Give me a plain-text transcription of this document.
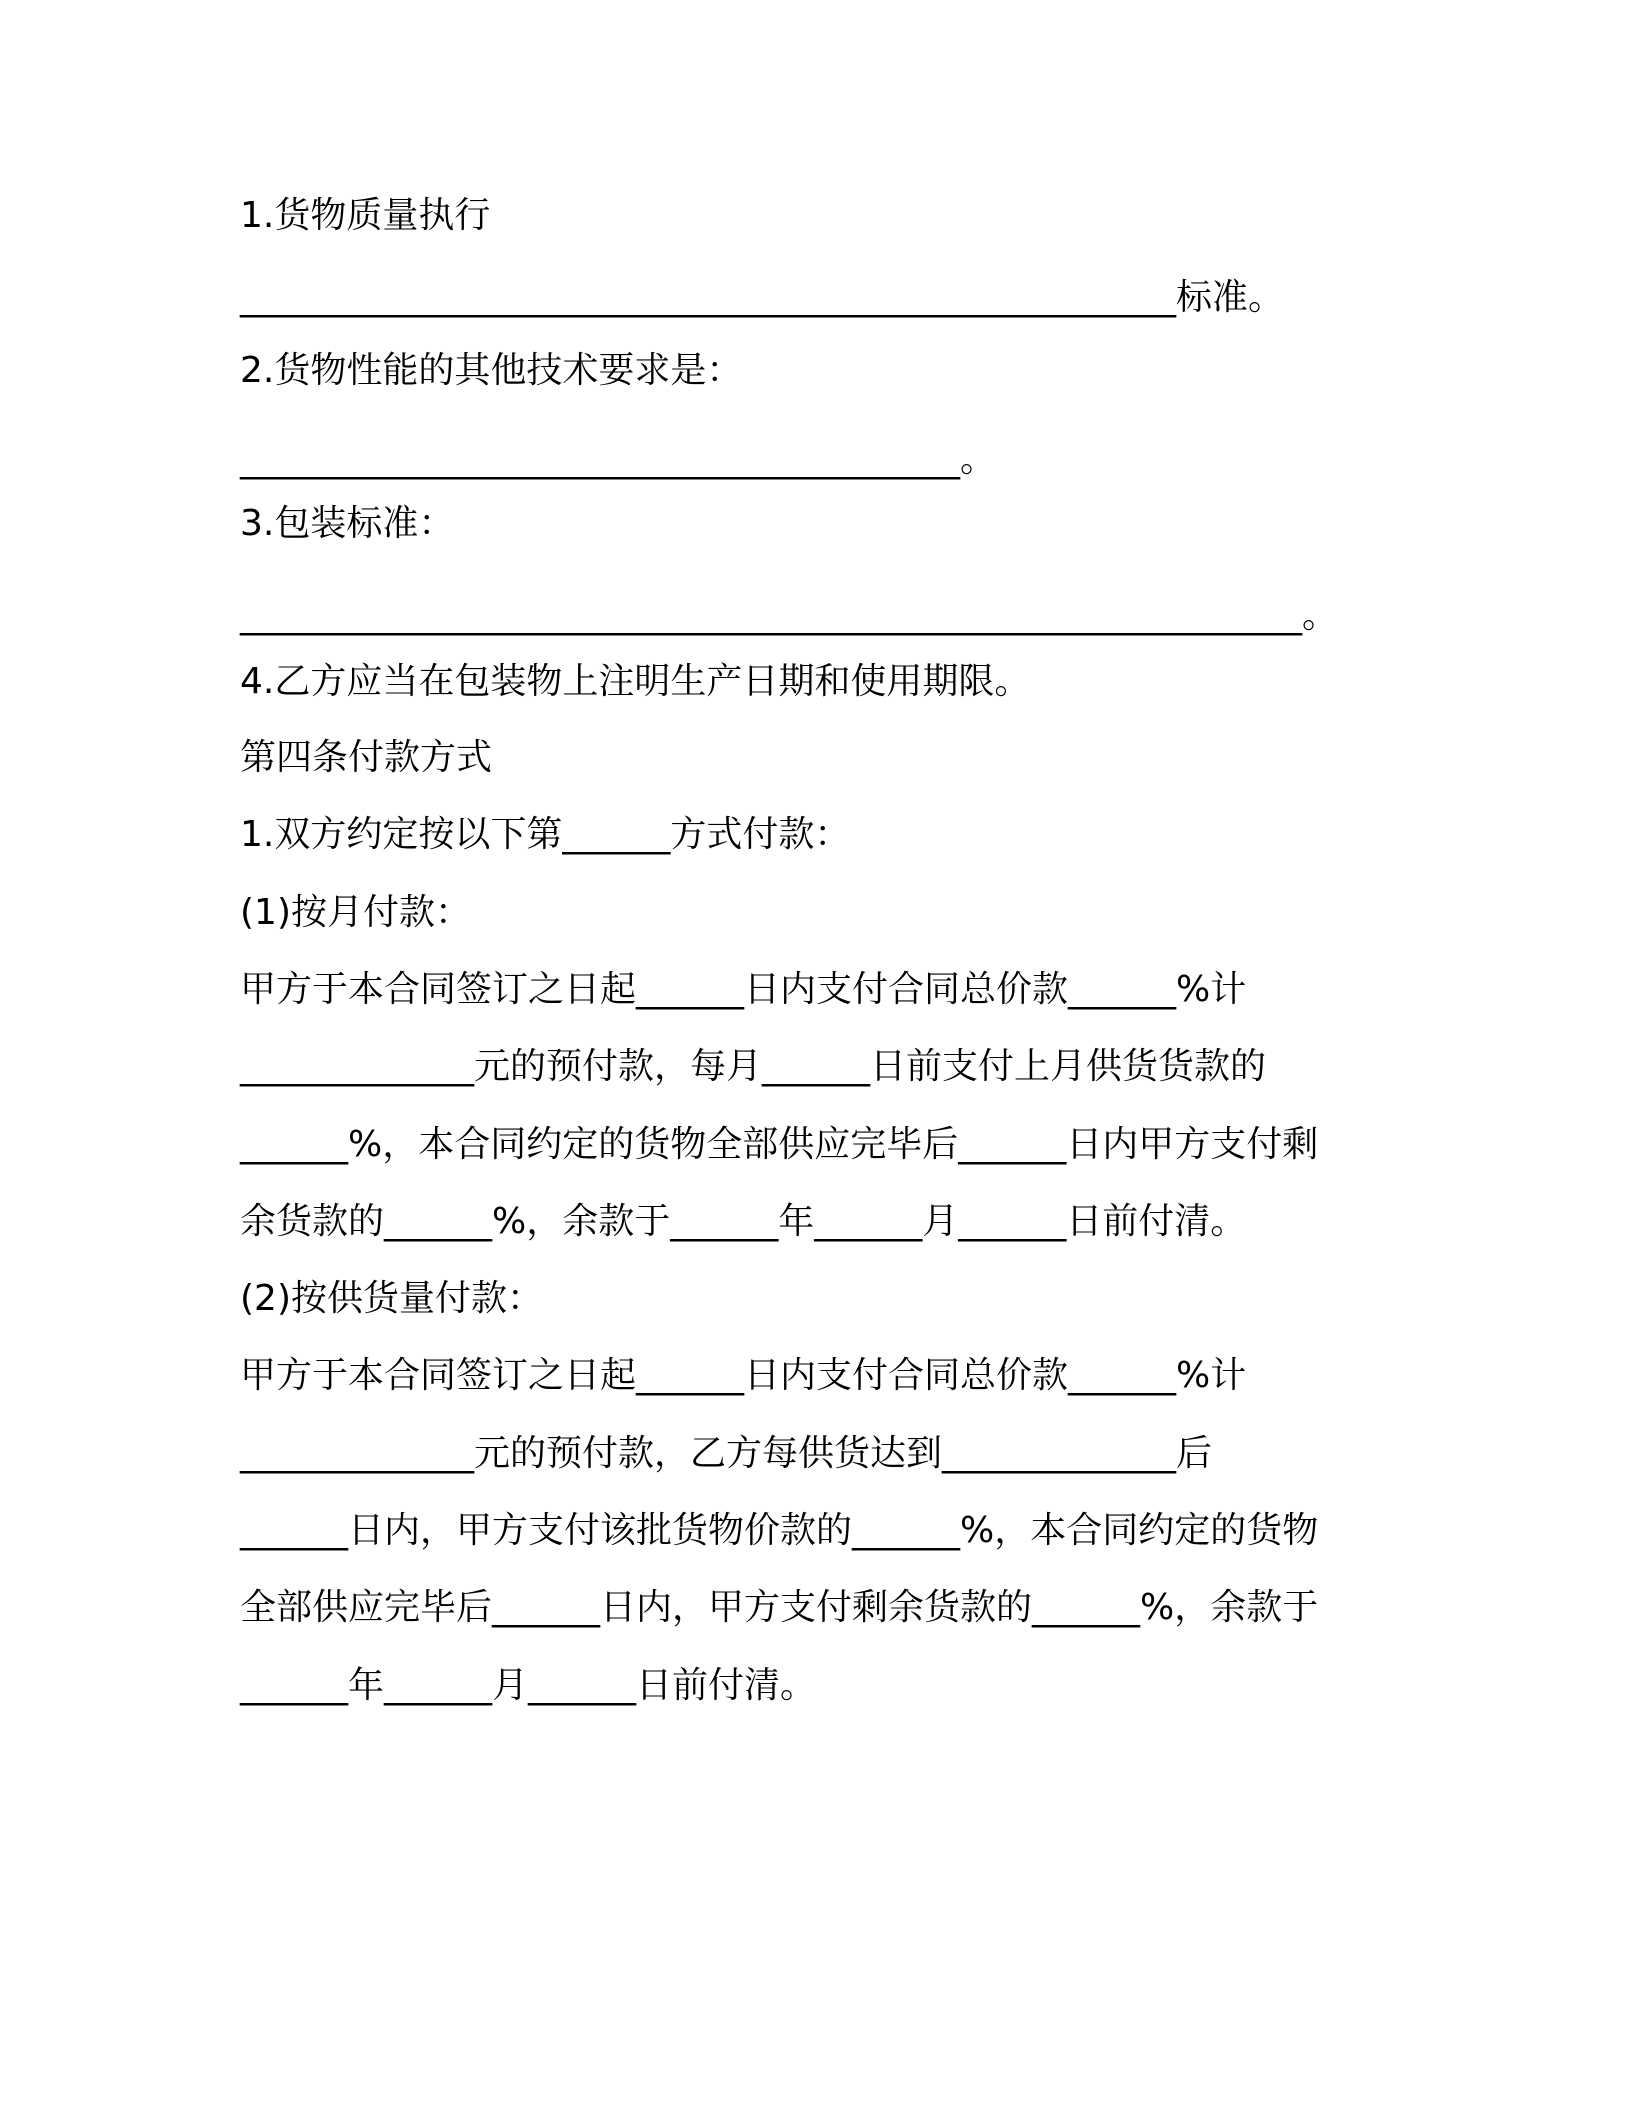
1.货物质量执行
____________________________________________________标准。
2.货物性能的其他技术要求是：
________________________________________。
3.包装标准：
___________________________________________________________。
4.乙方应当在包装物上注明生产日期和使用期限。
第四条付款方式
1.双方约定按以下第______方式付款：
(1)按月付款：
甲方于本合同签订之日起______日内支付合同总价款______%计
_____________元的预付款，每月______日前支付上月供货货款的
______%，本合同约定的货物全部供应完毕后______日内甲方支付剩
余货款的______%，余款于______年______月______日前付清。
(2)按供货量付款：
甲方于本合同签订之日起______日内支付合同总价款______%计
_____________元的预付款，乙方每供货达到_____________后
______日内，甲方支付该批货物价款的______%，本合同约定的货物
全部供应完毕后______日内，甲方支付剩余货款的______%，余款于
______年______月______日前付清。
